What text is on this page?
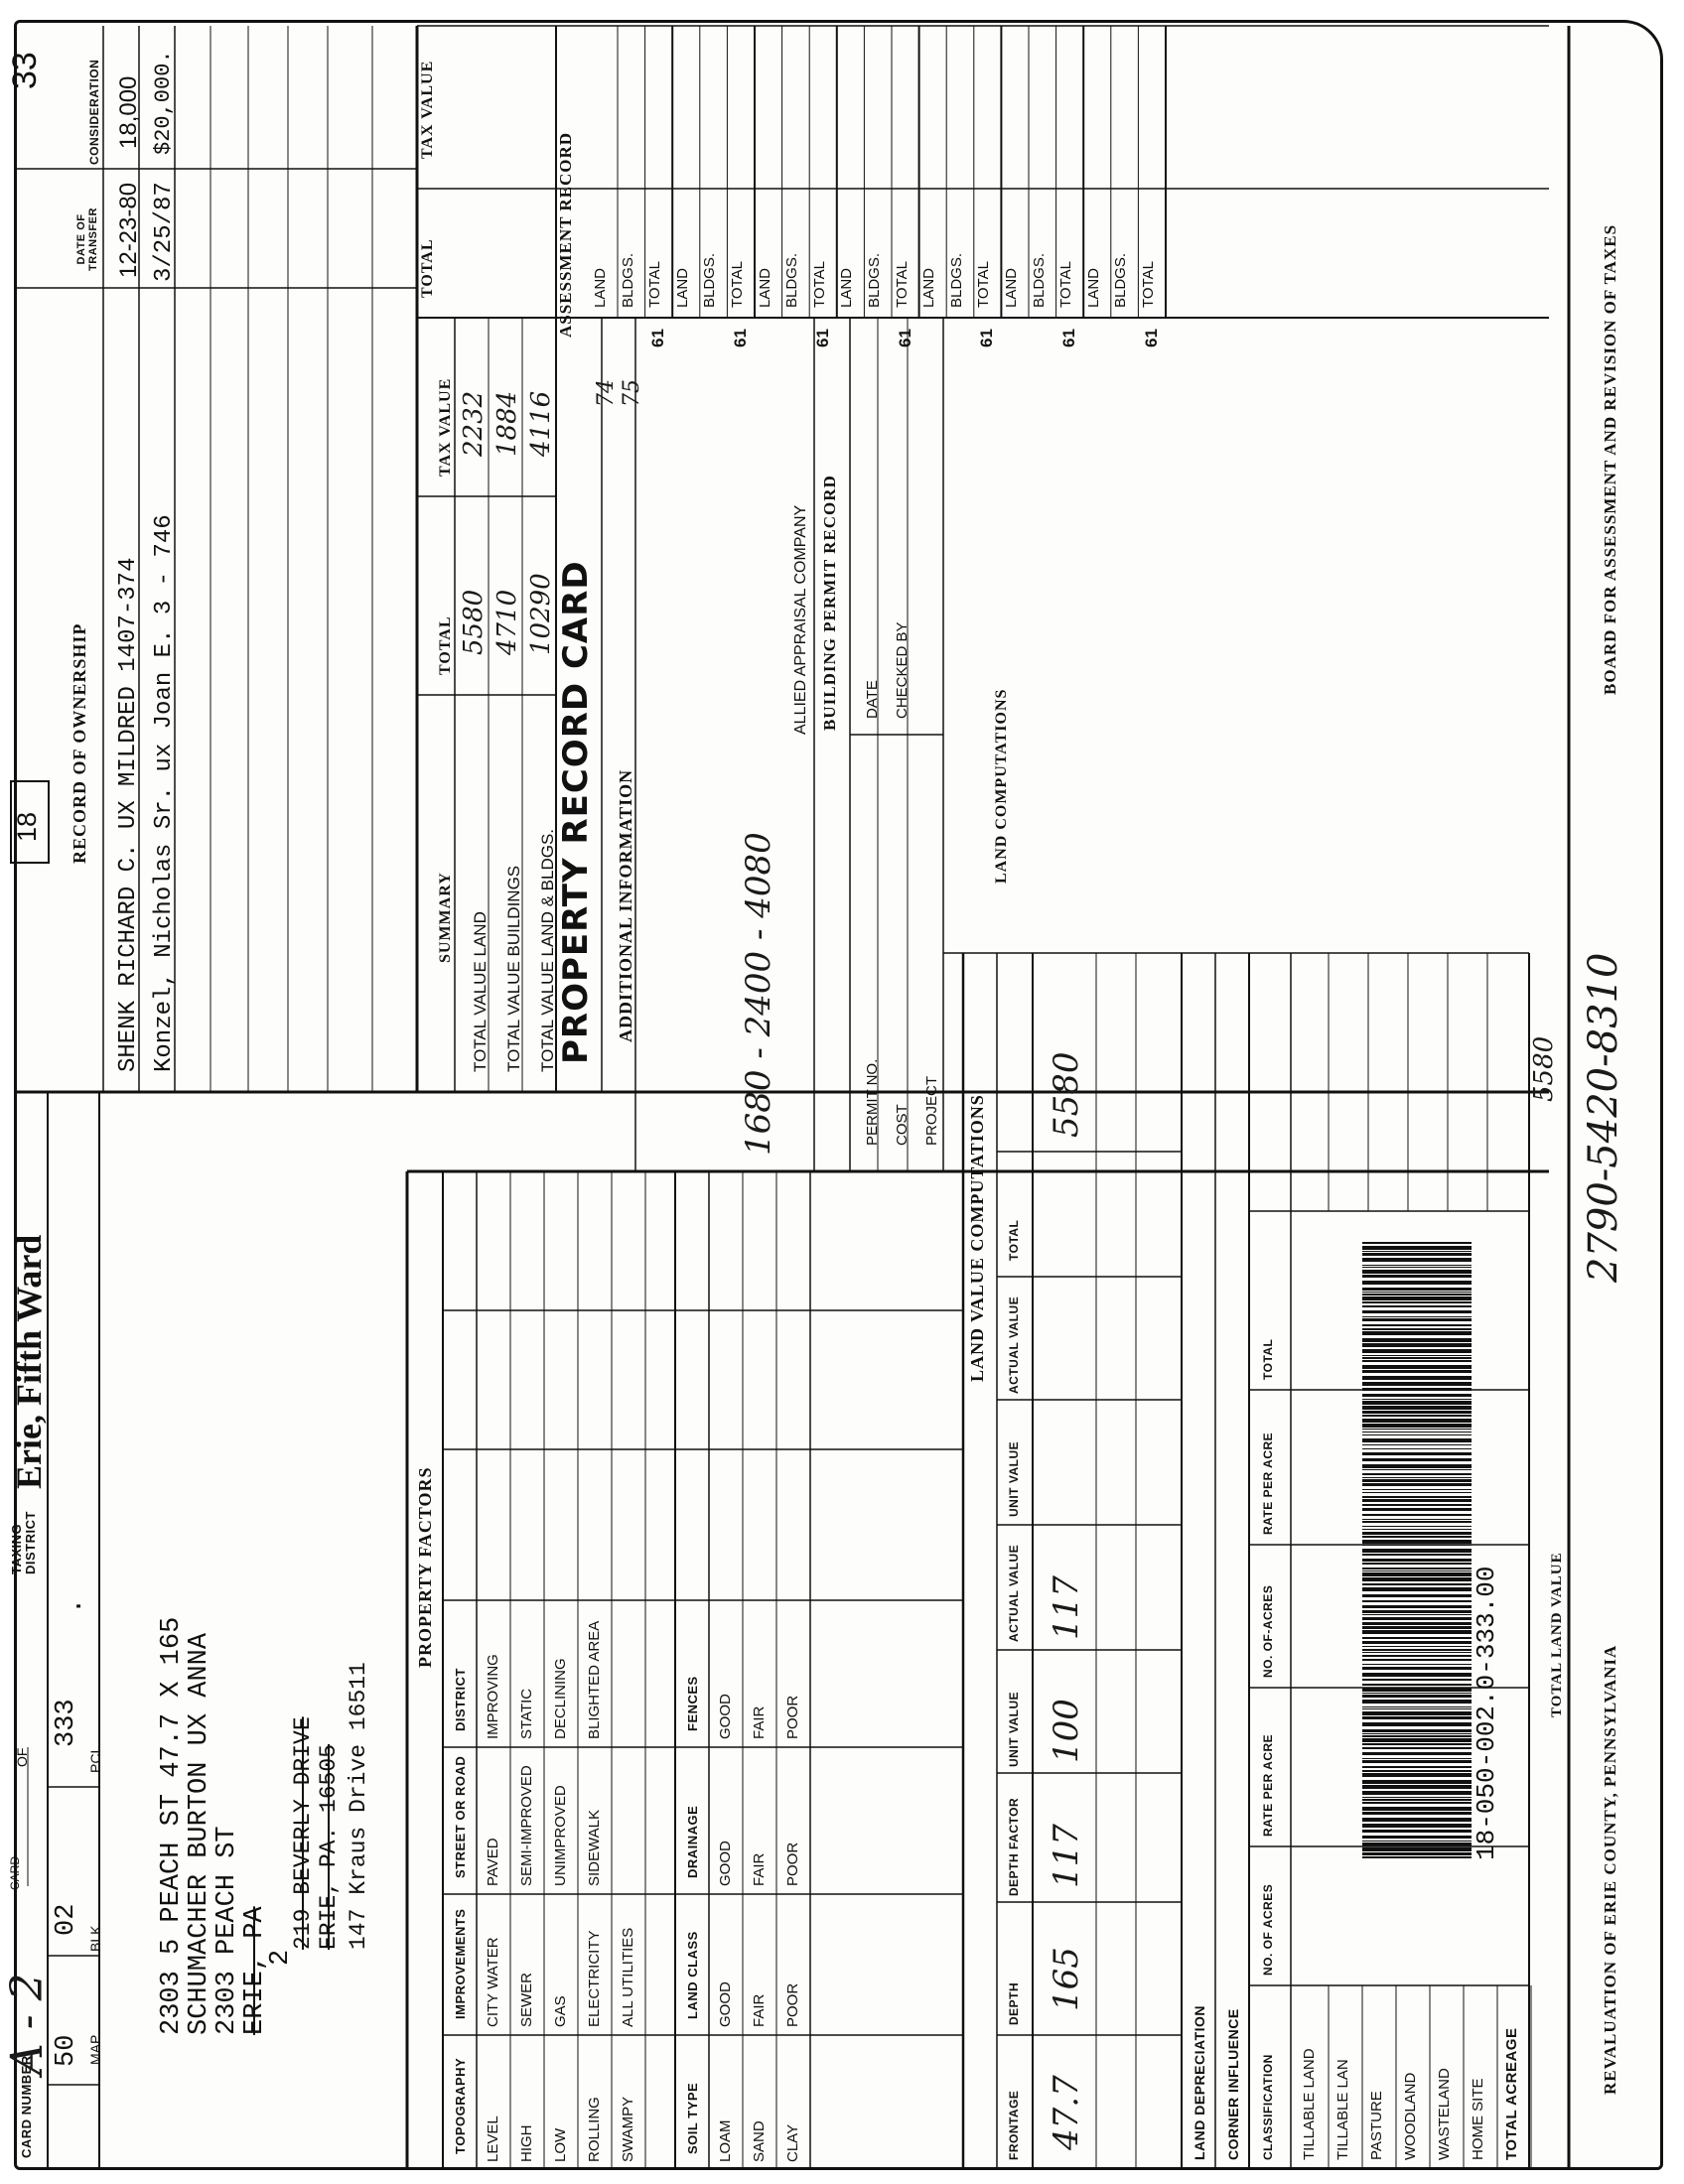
CARD NUMBER
A - 2
CARD
OF
TAXING DISTRICT
Erie, Fifth Ward
18
33
MAP
50
BLK.
02
PCL.
333
.
2303 5 PEACH ST 47.7 X 165
SCHUMACHER BURTON UX ANNA
2303 PEACH ST
ERIE, PA
2
219 BEVERLY DRIVE ERIE, PA. 16505 147 Kraus Drive 16511
RECORD OF OWNERSHIP
DATE OF TRANSFER
CONSIDERATION
SHENK RICHARD C. UX MILDRED 1407-374
12-23-80
18,000
Konzel, Nicholas Sr. ux Joan E. 3 - 746
3/25/87
$20,000.
SUMMARY
TOTAL
TAX VALUE
TOTAL VALUE LAND
5580
2232
TOTAL VALUE BUILDINGS
4710
1884
TOTAL VALUE LAND & BLDGS.
10290
4116
TOTAL
TAX VALUE
ASSESSMENT RECORD LAND BLDGS. TOTAL
61
LAND BLDGS. TOTAL
61
LAND BLDGS. TOTAL
61
LAND BLDGS. TOTAL
61
LAND BLDGS. TOTAL
61
LAND BLDGS. TOTAL
61
LAND BLDGS. TOTAL
61
74 75
PROPERTY RECORD CARD ADDITIONAL INFORMATION	1680 - 2400 - 4080
ALLIED APPRAISAL COMPANY BUILDING PERMIT RECORD
PERMIT NO. COST PROJECT
DATE CHECKED BY
PROPERTY FACTORS
TOPOGRAPHY LEVEL HIGH LOW ROLLING SWAMPY
IMPROVEMENTS CITY WATER SEWER GAS ELECTRICITY ALL UTILITIES
STREET OR ROAD PAVED SEMI-IMPROVED UNIMPROVED SIDEWALK
DISTRICT IMPROVING STATIC DECLINING BLIGHTED AREA
SOIL TYPE LOAM SAND CLAY
LAND CLASS GOOD FAIR POOR
DRAINAGE GOOD FAIR POOR
FENCES GOOD FAIR POOR
LAND VALUE COMPUTATIONS
FRONTAGE
DEPTH
DEPTH FACTOR
UNIT VALUE
ACTUAL VALUE
UNIT VALUE
ACTUAL VALUE
TOTAL
47.7
165
117
100
117
5580
LAND DEPRECIATION CORNER INFLUENCE CLASSIFICATION
NO. OF ACRES
RATE PER ACRE
NO. OF-ACRES
RATE PER ACRE
TOTAL
TILLABLE LAND TILLABLE LAN PASTURE WOODLAND WASTELAND HOME SITE TOTAL ACREAGE
TOTAL LAND VALUE
5580
LAND COMPUTATIONS
18-050-002.0-333.00	REVALUATION OF ERIE COUNTY, PENNSYLVANIA
2790-5420-8310
BOARD FOR ASSESSMENT AND REVISION OF TAXES
